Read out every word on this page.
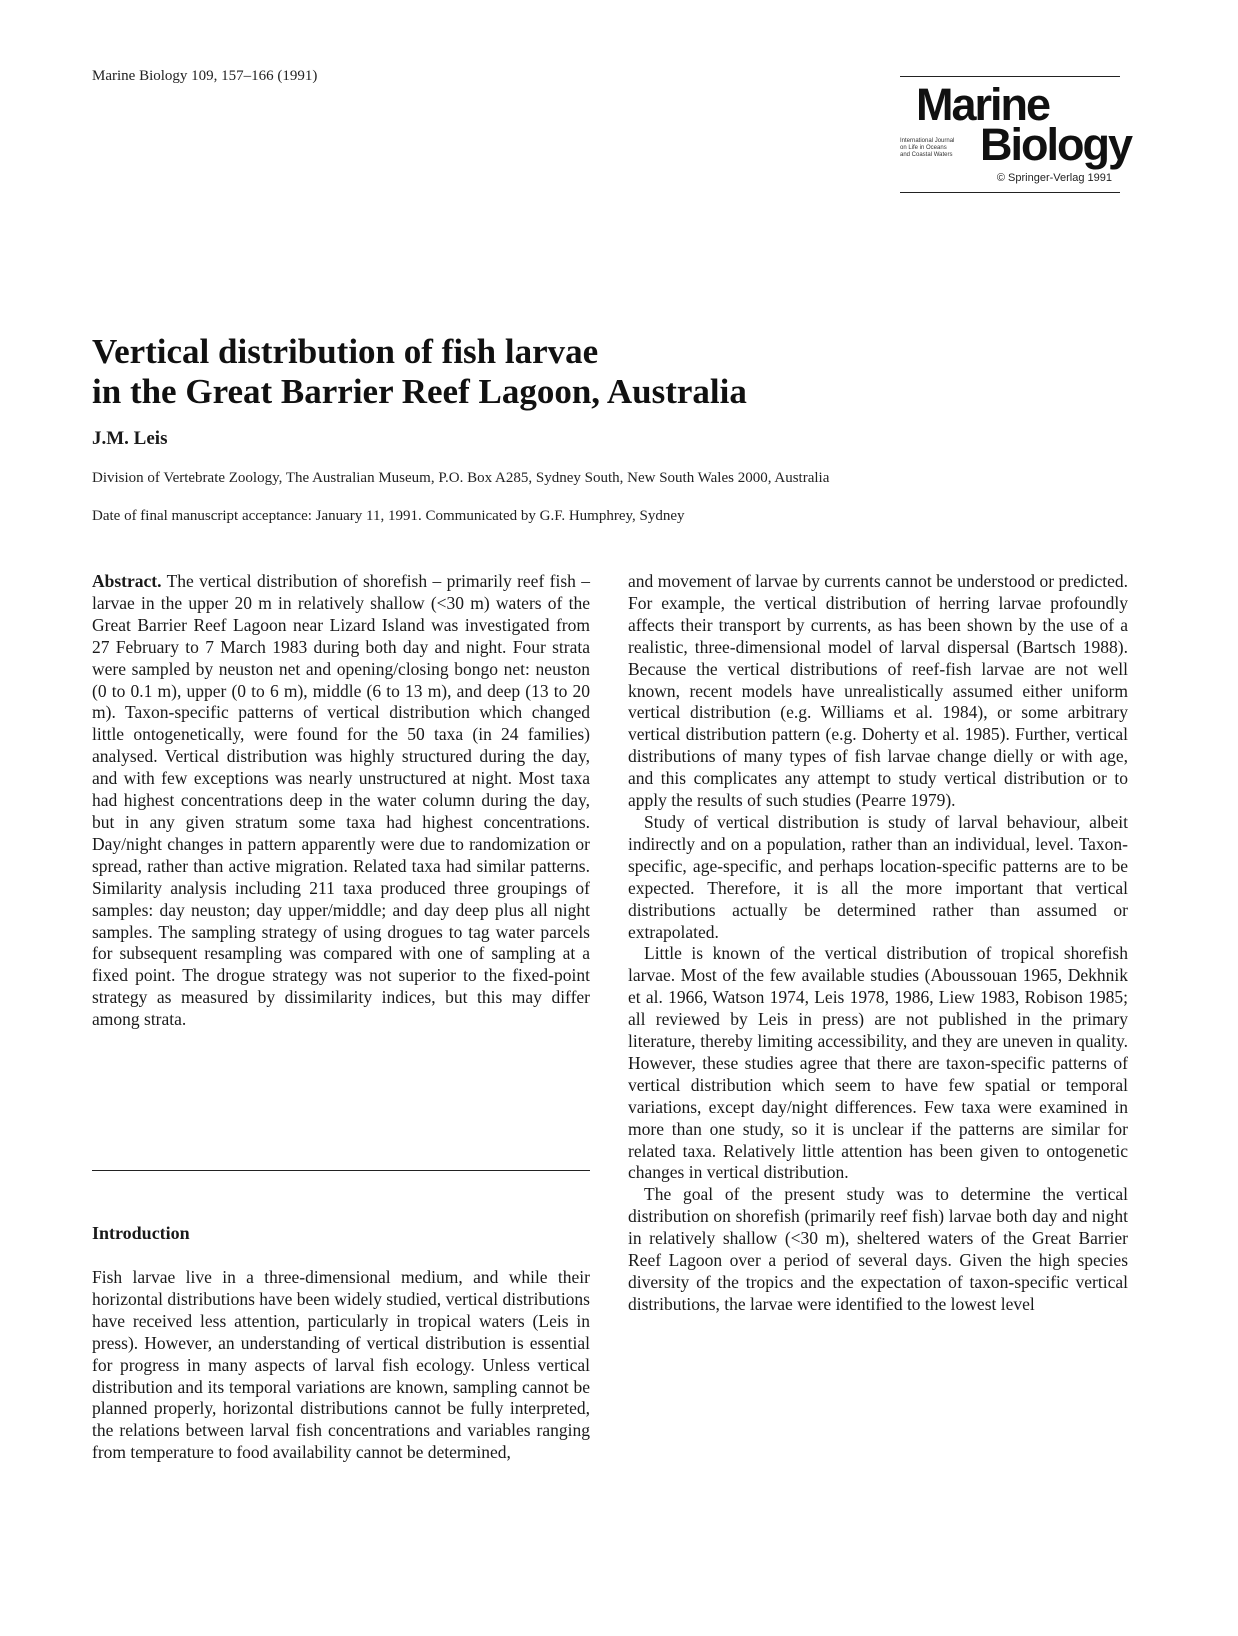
Marine Biology 109, 157–166 (1991)
Marine
International Journal
on Life in Oceans
and Coastal Waters Biology
© Springer-Verlag 1991
Vertical distribution of fish larvae
in the Great Barrier Reef Lagoon, Australia
J.M. Leis
Division of Vertebrate Zoology, The Australian Museum, P.O. Box A285, Sydney South, New South Wales 2000, Australia
Date of final manuscript acceptance: January 11, 1991. Communicated by G.F. Humphrey, Sydney

Abstract. The vertical distribution of shorefish – primarily reef fish – larvae in the upper 20 m in relatively shallow (<30 m) waters of the Great Barrier Reef Lagoon near Lizard Island was investigated from 27 February to 7 March 1983 during both day and night. Four strata were sampled by neuston net and opening/closing bongo net: neuston (0 to 0.1 m), upper (0 to 6 m), middle (6 to 13 m), and deep (13 to 20 m). Taxon-specific patterns of vertical distribution which changed little ontogenetically, were found for the 50 taxa (in 24 families) analysed. Vertical distribution was highly structured during the day, and with few exceptions was nearly unstructured at night. Most taxa had highest concentrations deep in the water column during the day, but in any given stratum some taxa had highest concentrations. Day/night changes in pattern apparently were due to randomization or spread, rather than active migration. Related taxa had similar patterns. Similarity analysis including 211 taxa produced three groupings of samples: day neuston; day upper/middle; and day deep plus all night samples. The sampling strategy of using drogues to tag water parcels for subsequent resampling was compared with one of sampling at a fixed point. The drogue strategy was not superior to the fixed-point strategy as measured by dissimilarity indices, but this may differ among strata.

Introduction

Fish larvae live in a three-dimensional medium, and while their horizontal distributions have been widely studied, vertical distributions have received less attention, particularly in tropical waters (Leis in press). However, an understanding of vertical distribution is essential for progress in many aspects of larval fish ecology. Unless vertical distribution and its temporal variations are known, sampling cannot be planned properly, horizontal distributions cannot be fully interpreted, the relations between larval fish concentrations and variables ranging from temperature to food availability cannot be determined,

and movement of larvae by currents cannot be understood or predicted. For example, the vertical distribution of herring larvae profoundly affects their transport by currents, as has been shown by the use of a realistic, three-dimensional model of larval dispersal (Bartsch 1988). Because the vertical distributions of reef-fish larvae are not well known, recent models have unrealistically assumed either uniform vertical distribution (e.g. Williams et al. 1984), or some arbitrary vertical distribution pattern (e.g. Doherty et al. 1985). Further, vertical distributions of many types of fish larvae change dielly or with age, and this complicates any attempt to study vertical distribution or to apply the results of such studies (Pearre 1979).

Study of vertical distribution is study of larval behaviour, albeit indirectly and on a population, rather than an individual, level. Taxon-specific, age-specific, and perhaps location-specific patterns are to be expected. Therefore, it is all the more important that vertical distributions actually be determined rather than assumed or extrapolated.

Little is known of the vertical distribution of tropical shorefish larvae. Most of the few available studies (Aboussouan 1965, Dekhnik et al. 1966, Watson 1974, Leis 1978, 1986, Liew 1983, Robison 1985; all reviewed by Leis in press) are not published in the primary literature, thereby limiting accessibility, and they are uneven in quality. However, these studies agree that there are taxon-specific patterns of vertical distribution which seem to have few spatial or temporal variations, except day/night differences. Few taxa were examined in more than one study, so it is unclear if the patterns are similar for related taxa. Relatively little attention has been given to ontogenetic changes in vertical distribution.

The goal of the present study was to determine the vertical distribution on shorefish (primarily reef fish) larvae both day and night in relatively shallow (<30 m), sheltered waters of the Great Barrier Reef Lagoon over a period of several days. Given the high species diversity of the tropics and the expectation of taxon-specific vertical distributions, the larvae were identified to the lowest level
